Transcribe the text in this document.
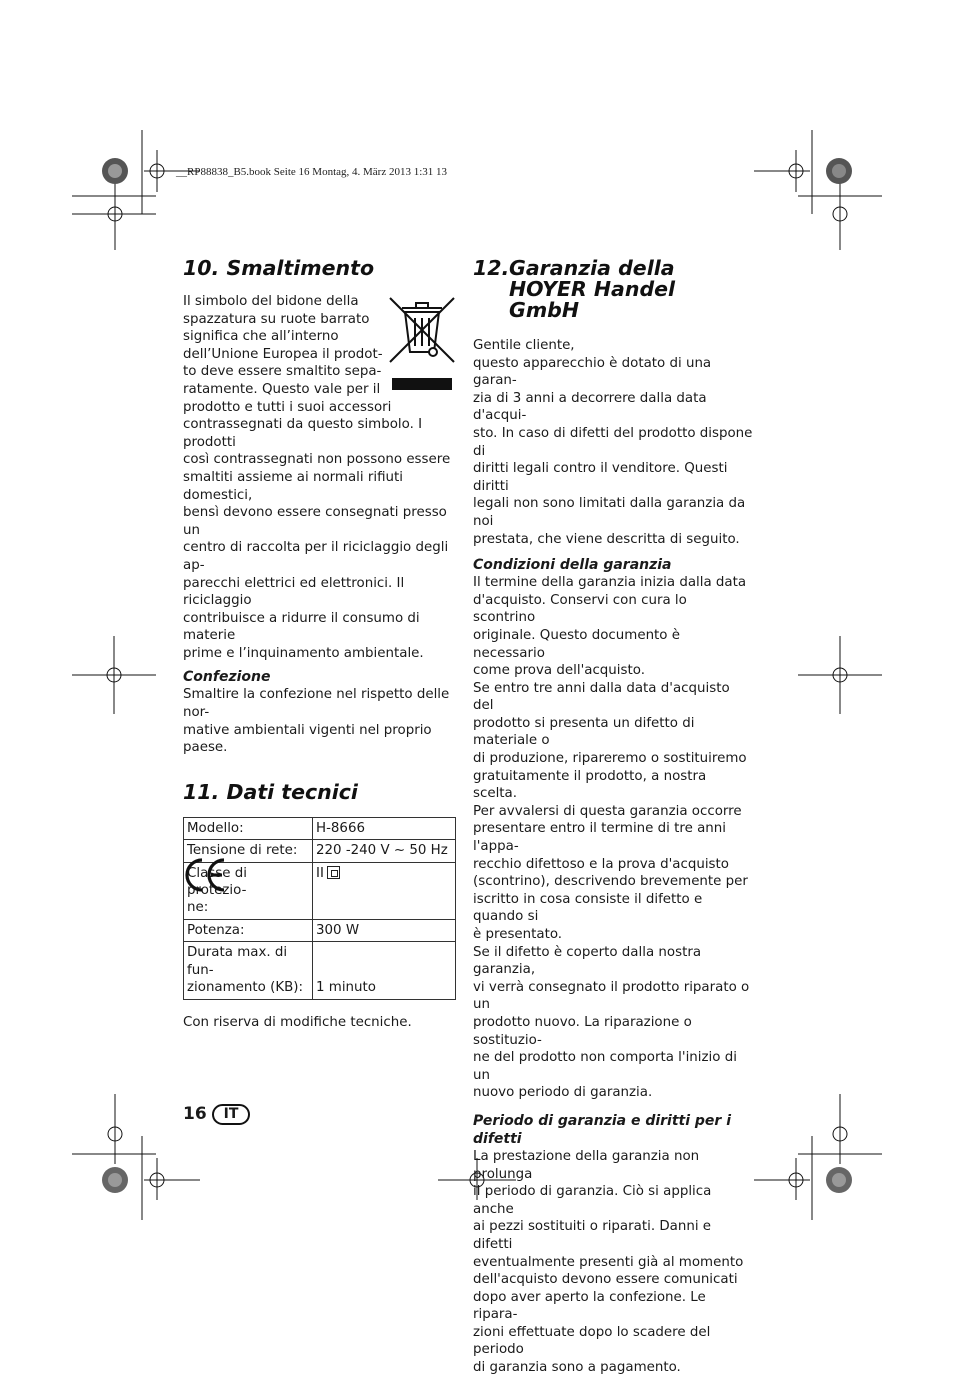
__RP88838_B5.book Seite 16 Montag, 4. März 2013 1:31 13
10. Smaltimento

Il simbolo del bidone della

spazzatura su ruote barrato

significa che all’interno

dell’Unione Europea il prodot-

to deve essere smaltito sepa-

ratamente. Questo vale per il

prodotto e tutti i suoi accessori

contrassegnati da questo simbolo. I prodotti

così contrassegnati non possono essere

smaltiti assieme ai normali rifiuti domestici,

bensì devono essere consegnati presso un

centro di raccolta per il riciclaggio degli ap-

parecchi elettrici ed elettronici. Il riciclaggio

contribuisce a ridurre il consumo di materie

prime e l’inquinamento ambientale.

Confezione

Smaltire la confezione nel rispetto delle nor-

mative ambientali vigenti nel proprio paese.

11. Dati tecnici
Modello:	H-8666
Tensione di rete:	220 -240 V ~ 50 Hz

Classe di protezio-
ne:	II
Potenza:	300 W

Durata max. di fun-
zionamento (KB):	1 minuto

Con riserva di modifiche tecniche.

12. Garanzia della
HOYER Handel
GmbH

Gentile cliente,

questo apparecchio è dotato di una garan-

zia di 3 anni a decorrere dalla data d'acqui-

sto. In caso di difetti del prodotto dispone di

diritti legali contro il venditore. Questi diritti

legali non sono limitati dalla garanzia da noi

prestata, che viene descritta di seguito.

Condizioni della garanzia

Il termine della garanzia inizia dalla data

d'acquisto. Conservi con cura lo scontrino

originale. Questo documento è necessario

come prova dell'acquisto.

Se entro tre anni dalla data d'acquisto del

prodotto si presenta un difetto di materiale o

di produzione, ripareremo o sostituiremo

gratuitamente il prodotto, a nostra scelta.

Per avvalersi di questa garanzia occorre

presentare entro il termine di tre anni l'appa-

recchio difettoso e la prova d'acquisto

(scontrino), descrivendo brevemente per

iscritto in cosa consiste il difetto e quando si

è presentato.

Se il difetto è coperto dalla nostra garanzia,

vi verrà consegnato il prodotto riparato o un

prodotto nuovo. La riparazione o sostituzio-

ne del prodotto non comporta l'inizio di un

nuovo periodo di garanzia.

Periodo di garanzia e diritti per i
difetti

La prestazione della garanzia non prolunga

il periodo di garanzia. Ciò si applica anche

ai pezzi sostituiti o riparati. Danni e difetti

eventualmente presenti già al momento

dell'acquisto devono essere comunicati

dopo aver aperto la confezione. Le ripara-

zioni effettuate dopo lo scadere del periodo

di garanzia sono a pagamento.

16	IT
